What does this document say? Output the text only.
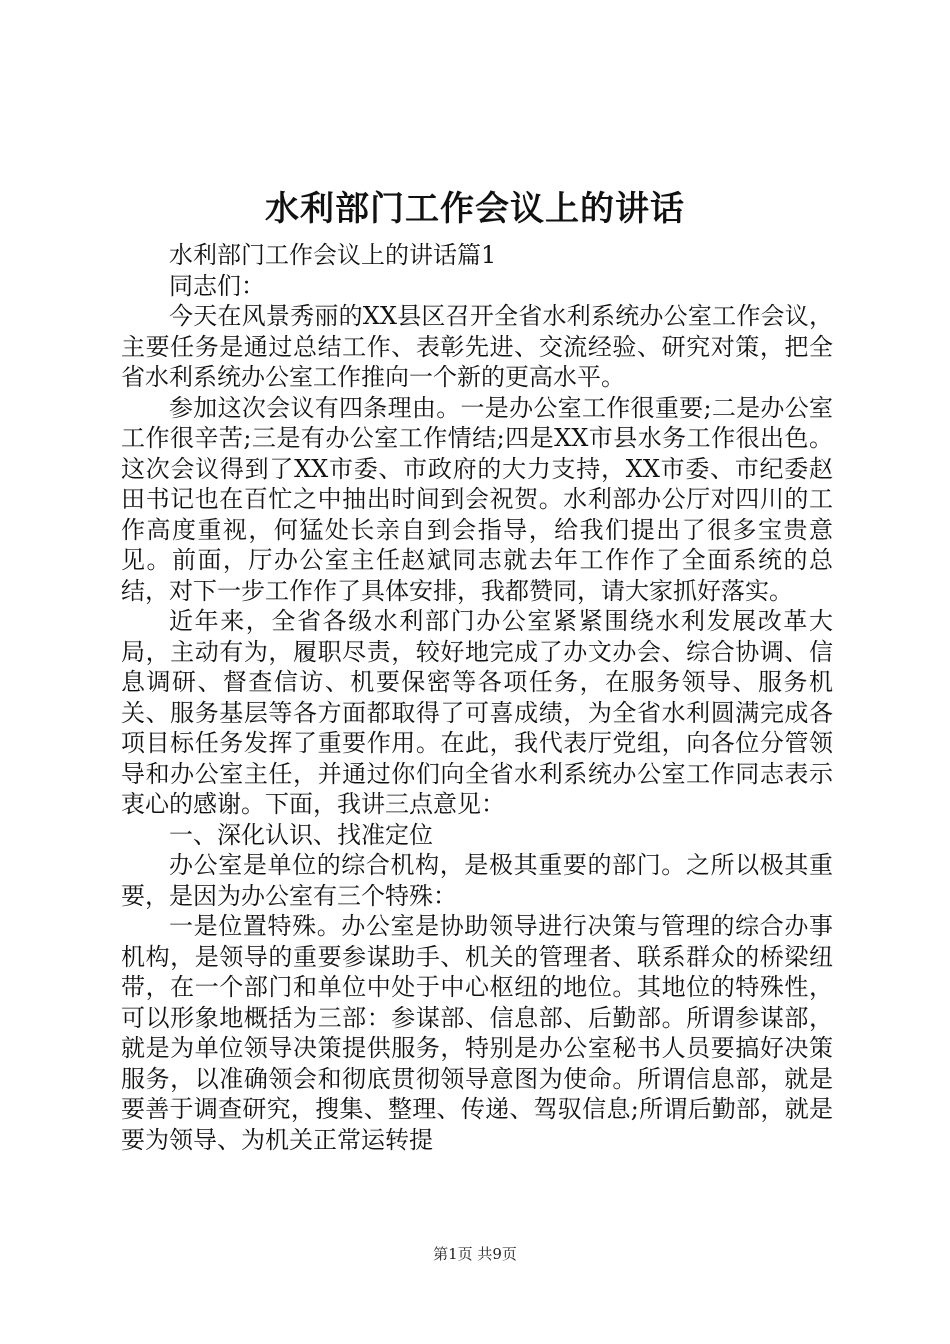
水利部门工作会议上的讲话

水利部门工作会议上的讲话篇1

同志们：

今天在风景秀丽的XX县区召开全省水利系统办公室工作会议，主要任务是通过总结工作、表彰先进、交流经验、研究对策，把全省水利系统办公室工作推向一个新的更高水平。

参加这次会议有四条理由。一是办公室工作很重要;二是办公室工作很辛苦;三是有办公室工作情结;四是XX市县水务工作很出色。这次会议得到了XX市委、市政府的大力支持，XX市委、市纪委赵田书记也在百忙之中抽出时间到会祝贺。水利部办公厅对四川的工作高度重视，何猛处长亲自到会指导，给我们提出了很多宝贵意见。前面，厅办公室主任赵斌同志就去年工作作了全面系统的总结，对下一步工作作了具体安排，我都赞同，请大家抓好落实。

近年来，全省各级水利部门办公室紧紧围绕水利发展改革大局，主动有为，履职尽责，较好地完成了办文办会、综合协调、信息调研、督查信访、机要保密等各项任务，在服务领导、服务机关、服务基层等各方面都取得了可喜成绩，为全省水利圆满完成各项目标任务发挥了重要作用。在此，我代表厅党组，向各位分管领导和办公室主任，并通过你们向全省水利系统办公室工作同志表示衷心的感谢。下面，我讲三点意见：

一、深化认识、找准定位

办公室是单位的综合机构，是极其重要的部门。之所以极其重要，是因为办公室有三个特殊：

一是位置特殊。办公室是协助领导进行决策与管理的综合办事机构，是领导的重要参谋助手、机关的管理者、联系群众的桥梁纽带，在一个部门和单位中处于中心枢纽的地位。其地位的特殊性，可以形象地概括为三部：参谋部、信息部、后勤部。所谓参谋部，就是为单位领导决策提供服务，特别是办公室秘书人员要搞好决策服务，以准确领会和彻底贯彻领导意图为使命。所谓信息部，就是要善于调查研究，搜集、整理、传递、驾驭信息;所谓后勤部，就是要为领导、为机关正常运转提

第1页 共9页
